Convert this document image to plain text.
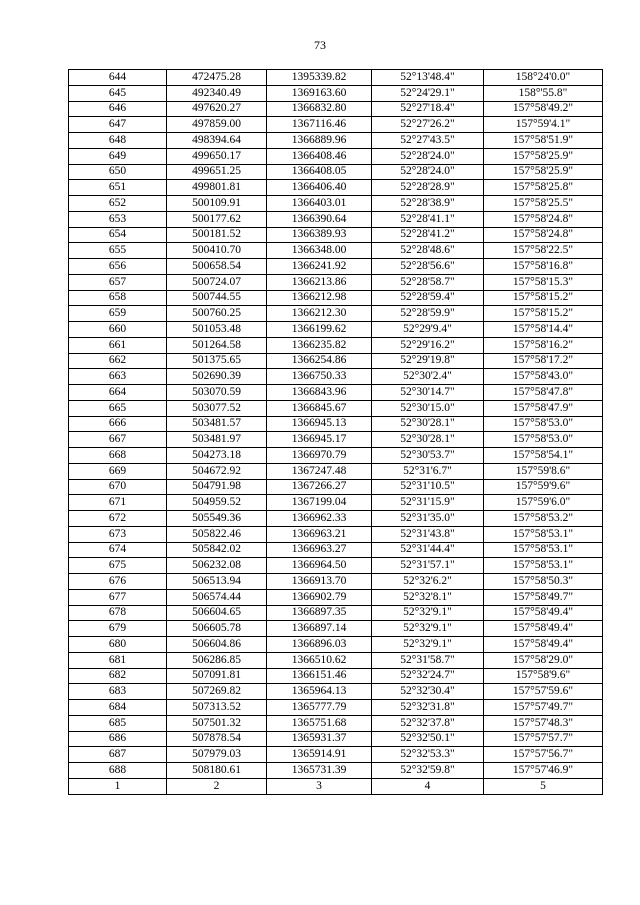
73
644	472475.28	1395339.82	52°13'48.4"	158°24'0.0"
645	492340.49	1369163.60	52°24'29.1"	158°'55.8"
646	497620.27	1366832.80	52°27'18.4"	157°58'49.2"
647	497859.00	1367116.46	52°27'26.2"	157°59'4.1"
648	498394.64	1366889.96	52°27'43.5"	157°58'51.9"
649	499650.17	1366408.46	52°28'24.0"	157°58'25.9"
650	499651.25	1366408.05	52°28'24.0"	157°58'25.9"
651	499801.81	1366406.40	52°28'28.9"	157°58'25.8"
652	500109.91	1366403.01	52°28'38.9"	157°58'25.5"
653	500177.62	1366390.64	52°28'41.1"	157°58'24.8"
654	500181.52	1366389.93	52°28'41.2"	157°58'24.8"
655	500410.70	1366348.00	52°28'48.6"	157°58'22.5"
656	500658.54	1366241.92	52°28'56.6"	157°58'16.8"
657	500724.07	1366213.86	52°28'58.7"	157°58'15.3"
658	500744.55	1366212.98	52°28'59.4"	157°58'15.2"
659	500760.25	1366212.30	52°28'59.9"	157°58'15.2"
660	501053.48	1366199.62	52°29'9.4"	157°58'14.4"
661	501264.58	1366235.82	52°29'16.2"	157°58'16.2"
662	501375.65	1366254.86	52°29'19.8"	157°58'17.2"
663	502690.39	1366750.33	52°30'2.4"	157°58'43.0"
664	503070.59	1366843.96	52°30'14.7"	157°58'47.8"
665	503077.52	1366845.67	52°30'15.0"	157°58'47.9"
666	503481.57	1366945.13	52°30'28.1"	157°58'53.0"
667	503481.97	1366945.17	52°30'28.1"	157°58'53.0"
668	504273.18	1366970.79	52°30'53.7"	157°58'54.1"
669	504672.92	1367247.48	52°31'6.7"	157°59'8.6"
670	504791.98	1367266.27	52°31'10.5"	157°59'9.6"
671	504959.52	1367199.04	52°31'15.9"	157°59'6.0"
672	505549.36	1366962.33	52°31'35.0"	157°58'53.2"
673	505822.46	1366963.21	52°31'43.8"	157°58'53.1"
674	505842.02	1366963.27	52°31'44.4"	157°58'53.1"
675	506232.08	1366964.50	52°31'57.1"	157°58'53.1"
676	506513.94	1366913.70	52°32'6.2"	157°58'50.3"
677	506574.44	1366902.79	52°32'8.1"	157°58'49.7"
678	506604.65	1366897.35	52°32'9.1"	157°58'49.4"
679	506605.78	1366897.14	52°32'9.1"	157°58'49.4"
680	506604.86	1366896.03	52°32'9.1"	157°58'49.4"
681	506286.85	1366510.62	52°31'58.7"	157°58'29.0"
682	507091.81	1366151.46	52°32'24.7"	157°58'9.6"
683	507269.82	1365964.13	52°32'30.4"	157°57'59.6"
684	507313.52	1365777.79	52°32'31.8"	157°57'49.7"
685	507501.32	1365751.68	52°32'37.8"	157°57'48.3"
686	507878.54	1365931.37	52°32'50.1"	157°57'57.7"
687	507979.03	1365914.91	52°32'53.3"	157°57'56.7"
688	508180.61	1365731.39	52°32'59.8"	157°57'46.9"
1	2	3	4	5
